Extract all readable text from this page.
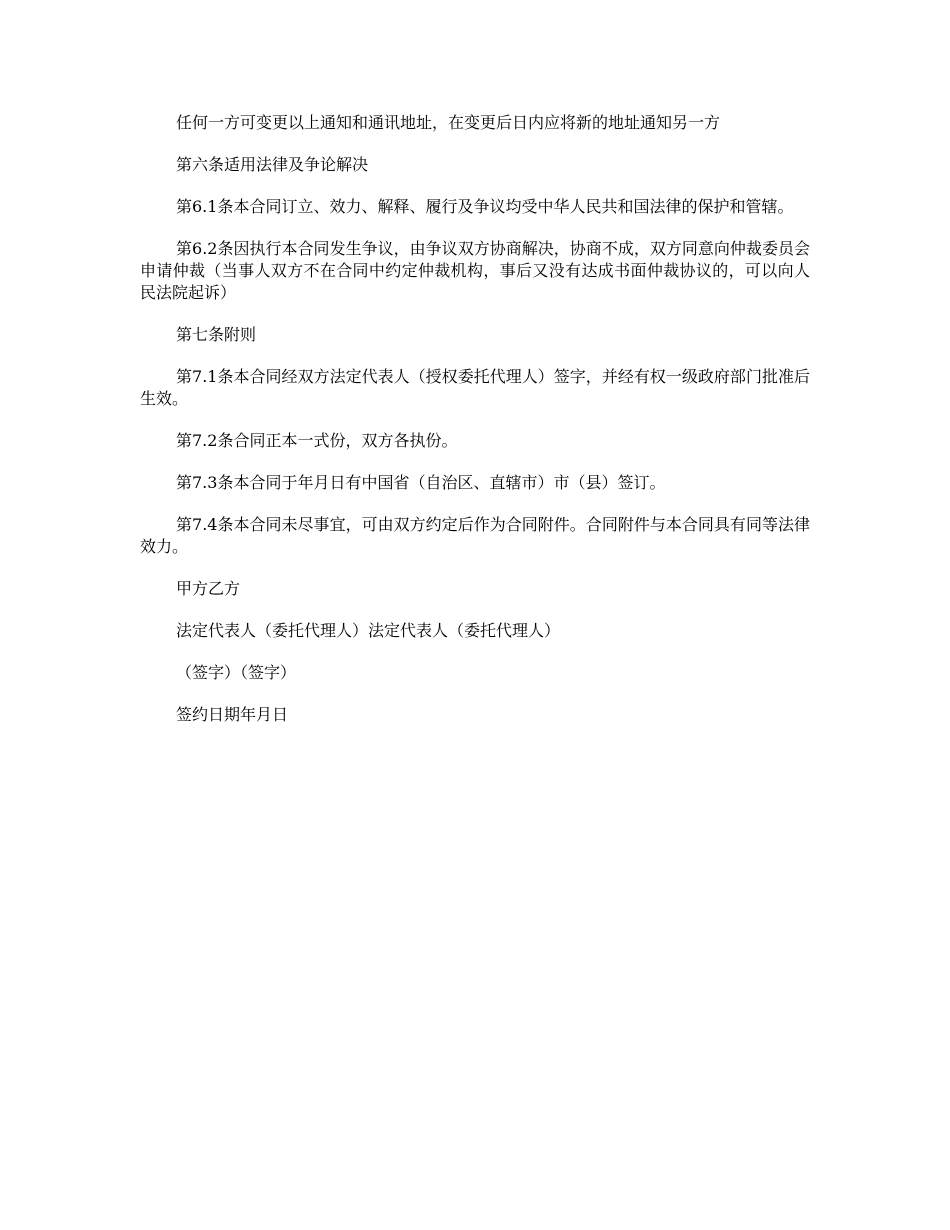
任何一方可变更以上通知和通讯地址，在变更后日内应将新的地址通知另一方

第六条适用法律及争论解决

第6.1条本合同订立、效力、解释、履行及争议均受中华人民共和国法律的保护和管辖。

第6.2条因执行本合同发生争议，由争议双方协商解决，协商不成，双方同意向仲裁委员会申请仲裁（当事人双方不在合同中约定仲裁机构，事后又没有达成书面仲裁协议的，可以向人民法院起诉）

第七条附则

第7.1条本合同经双方法定代表人（授权委托代理人）签字，并经有权一级政府部门批准后生效。

第7.2条合同正本一式份，双方各执份。

第7.3条本合同于年月日有中国省（自治区、直辖市）市（县）签订。

第7.4条本合同未尽事宜，可由双方约定后作为合同附件。合同附件与本合同具有同等法律效力。

甲方乙方

法定代表人（委托代理人）法定代表人（委托代理人）

（签字）（签字）

签约日期年月日
